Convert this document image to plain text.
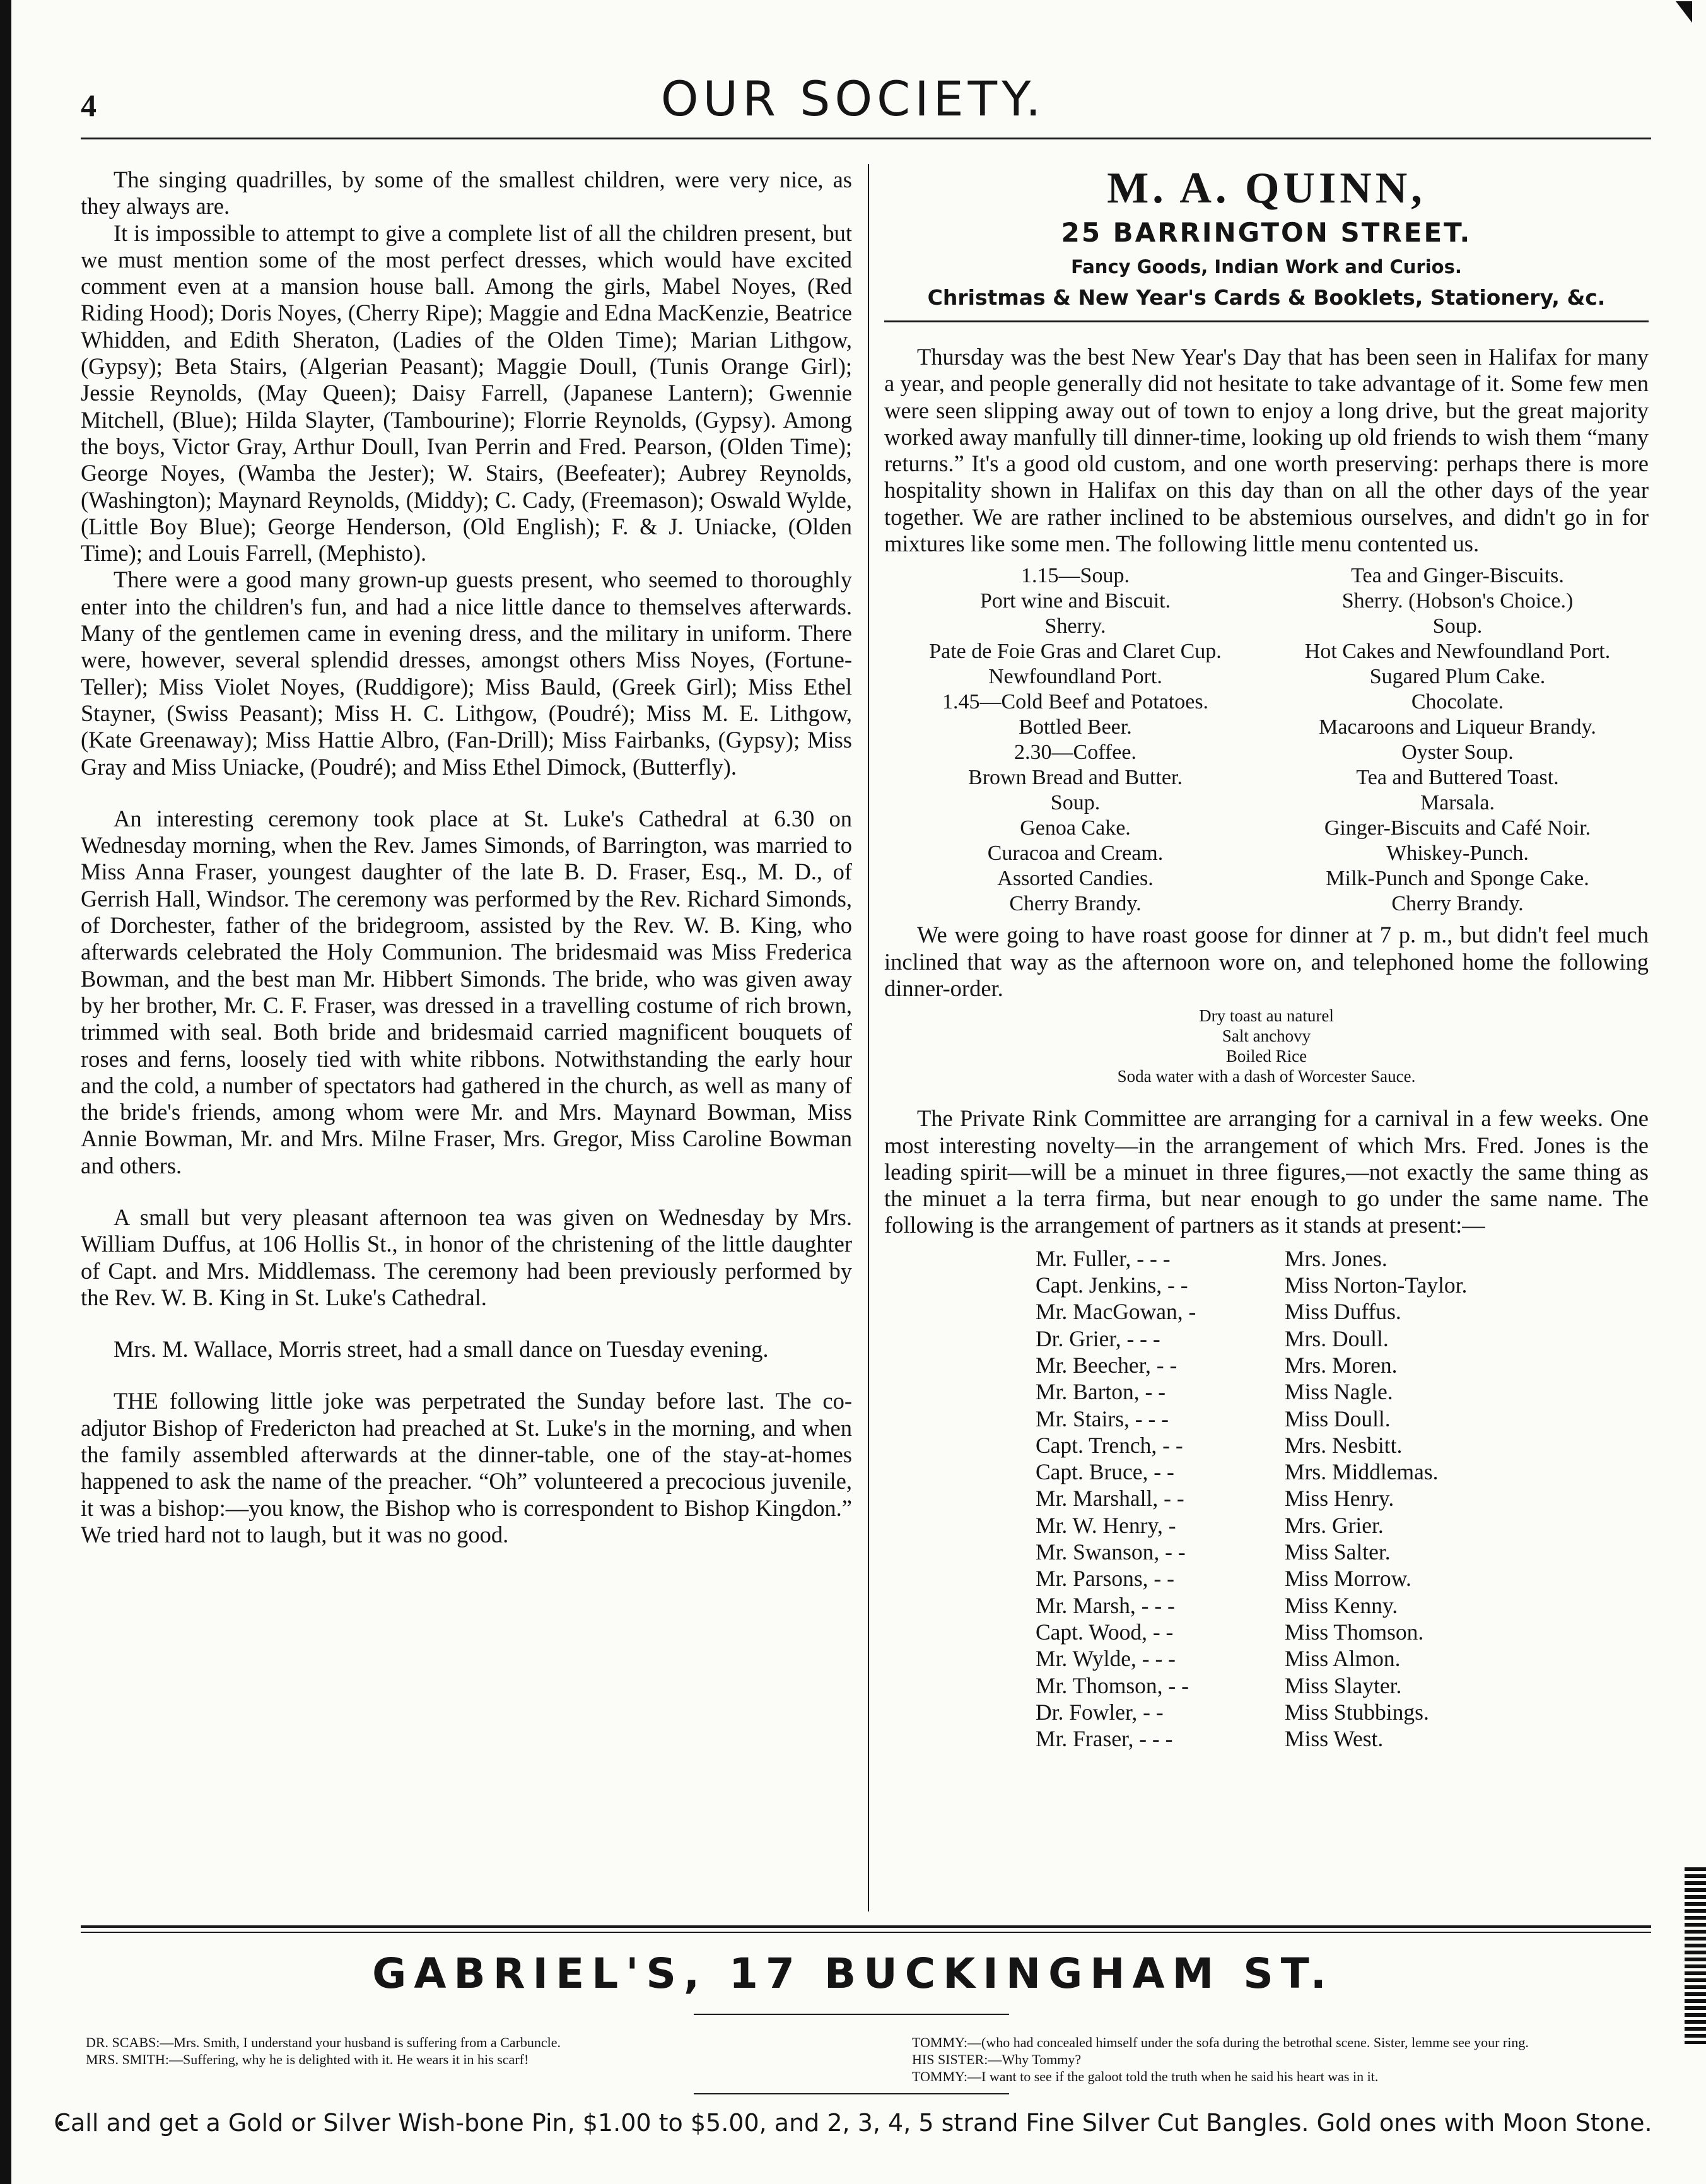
4	OUR SOCIETY.

The singing quadrilles, by some of the smallest children, were very nice, as they always are.

It is impossible to attempt to give a complete list of all the children present, but we must mention some of the most perfect dresses, which would have excited comment even at a mansion house ball. Among the girls, Mabel Noyes, (Red Riding Hood); Doris Noyes, (Cherry Ripe); Maggie and Edna MacKenzie, Beatrice Whidden, and Edith Sheraton, (Ladies of the Olden Time); Marian Lithgow, (Gypsy); Beta Stairs, (Algerian Peasant); Maggie Doull, (Tunis Orange Girl); Jessie Reynolds, (May Queen); Daisy Farrell, (Japanese Lantern); Gwennie Mitchell, (Blue); Hilda Slayter, (Tambourine); Florrie Reynolds, (Gypsy). Among the boys, Victor Gray, Arthur Doull, Ivan Perrin and Fred. Pearson, (Olden Time); George Noyes, (Wamba the Jester); W. Stairs, (Beefeater); Aubrey Reynolds, (Washington); Maynard Reynolds, (Middy); C. Cady, (Freemason); Oswald Wylde, (Little Boy Blue); George Henderson, (Old English); F. & J. Uniacke, (Olden Time); and Louis Farrell, (Mephisto).

There were a good many grown-up guests present, who seemed to thoroughly enter into the children's fun, and had a nice little dance to themselves afterwards. Many of the gentlemen came in evening dress, and the military in uniform. There were, however, several splendid dresses, amongst others Miss Noyes, (Fortune-Teller); Miss Violet Noyes, (Ruddigore); Miss Bauld, (Greek Girl); Miss Ethel Stayner, (Swiss Peasant); Miss H. C. Lithgow, (Poudré); Miss M. E. Lithgow, (Kate Greenaway); Miss Hattie Albro, (Fan-Drill); Miss Fairbanks, (Gypsy); Miss Gray and Miss Uniacke, (Poudré); and Miss Ethel Dimock, (Butterfly).

An interesting ceremony took place at St. Luke's Cathedral at 6.30 on Wednesday morning, when the Rev. James Simonds, of Barrington, was married to Miss Anna Fraser, youngest daughter of the late B. D. Fraser, Esq., M. D., of Gerrish Hall, Windsor. The ceremony was performed by the Rev. Richard Simonds, of Dorchester, father of the bridegroom, assisted by the Rev. W. B. King, who afterwards celebrated the Holy Communion. The bridesmaid was Miss Frederica Bowman, and the best man Mr. Hibbert Simonds. The bride, who was given away by her brother, Mr. C. F. Fraser, was dressed in a travelling costume of rich brown, trimmed with seal. Both bride and bridesmaid carried magnificent bouquets of roses and ferns, loosely tied with white ribbons. Notwithstanding the early hour and the cold, a number of spectators had gathered in the church, as well as many of the bride's friends, among whom were Mr. and Mrs. Maynard Bowman, Miss Annie Bowman, Mr. and Mrs. Milne Fraser, Mrs. Gregor, Miss Caroline Bowman and others.

A small but very pleasant afternoon tea was given on Wednesday by Mrs. William Duffus, at 106 Hollis St., in honor of the christening of the little daughter of Capt. and Mrs. Middlemass. The ceremony had been previously performed by the Rev. W. B. King in St. Luke's Cathedral.

Mrs. M. Wallace, Morris street, had a small dance on Tuesday evening.

THE following little joke was perpetrated the Sunday before last. The co-adjutor Bishop of Fredericton had preached at St. Luke's in the morning, and when the family assembled afterwards at the dinner-table, one of the stay-at-homes happened to ask the name of the preacher. “Oh” volunteered a precocious juvenile, it was a bishop:—you know, the Bishop who is correspondent to Bishop Kingdon.” We tried hard not to laugh, but it was no good.

M. A. QUINN,
25 BARRINGTON STREET.
Fancy Goods, Indian Work and Curios.
Christmas & New Year's Cards & Booklets, Stationery, &c.

Thursday was the best New Year's Day that has been seen in Halifax for many a year, and people generally did not hesitate to take advantage of it. Some few men were seen slipping away out of town to enjoy a long drive, but the great majority worked away manfully till dinner-time, looking up old friends to wish them “many returns.” It's a good old custom, and one worth preserving: perhaps there is more hospitality shown in Halifax on this day than on all the other days of the year together. We are rather inclined to be abstemious ourselves, and didn't go in for mixtures like some men. The following little menu contented us.

1.15—Soup.	Tea and Ginger-Biscuits.
Port wine and Biscuit.	Sherry. (Hobson's Choice.)
Sherry.	Soup.
Pate de Foie Gras and Claret Cup.	Hot Cakes and Newfoundland Port.
Newfoundland Port.	Sugared Plum Cake.
1.45—Cold Beef and Potatoes.	Chocolate.
Bottled Beer.	Macaroons and Liqueur Brandy.
2.30—Coffee.	Oyster Soup.
Brown Bread and Butter.	Tea and Buttered Toast.
Soup.	Marsala.
Genoa Cake.	Ginger-Biscuits and Café Noir.
Curacoa and Cream.	Whiskey-Punch.
Assorted Candies.	Milk-Punch and Sponge Cake.
Cherry Brandy.	Cherry Brandy.

We were going to have roast goose for dinner at 7 p. m., but didn't feel much inclined that way as the afternoon wore on, and telephoned home the following dinner-order.

Dry toast au naturel
Salt anchovy
Boiled Rice
Soda water with a dash of Worcester Sauce.

The Private Rink Committee are arranging for a carnival in a few weeks. One most interesting novelty—in the arrangement of which Mrs. Fred. Jones is the leading spirit—will be a minuet in three figures,—not exactly the same thing as the minuet a la terra firma, but near enough to go under the same name. The following is the arrangement of partners as it stands at present:—

Mr. Fuller, - - -	Mrs. Jones.
Capt. Jenkins, - -	Miss Norton-Taylor.
Mr. MacGowan, -	Miss Duffus.
Dr. Grier, - - -	Mrs. Doull.
Mr. Beecher, - -	Mrs. Moren.
Mr. Barton, - -	Miss Nagle.
Mr. Stairs, - - -	Miss Doull.
Capt. Trench, - -	Mrs. Nesbitt.
Capt. Bruce, - -	Mrs. Middlemas.
Mr. Marshall, - -	Miss Henry.
Mr. W. Henry, -	Mrs. Grier.
Mr. Swanson, - -	Miss Salter.
Mr. Parsons, - -	Miss Morrow.
Mr. Marsh, - - -	Miss Kenny.
Capt. Wood, - -	Miss Thomson.
Mr. Wylde, - - -	Miss Almon.
Mr. Thomson, - -	Miss Slayter.
Dr. Fowler, - -	Miss Stubbings.
Mr. Fraser, - - -	Miss West.
GABRIEL'S, 17 BUCKINGHAM ST.
DR. SCABS:—Mrs. Smith, I understand your husband is suffering from a Carbuncle.
MRS. SMITH:—Suffering, why he is delighted with it. He wears it in his scarf!
TOMMY:—(who had concealed himself under the sofa during the betrothal scene. Sister, lemme see your ring.
HIS SISTER:—Why Tommy?
TOMMY:—I want to see if the galoot told the truth when he said his heart was in it.
Call and get a Gold or Silver Wish-bone Pin, $1.00 to $5.00, and 2, 3, 4, 5 strand Fine Silver Cut Bangles. Gold ones with Moon Stone.
